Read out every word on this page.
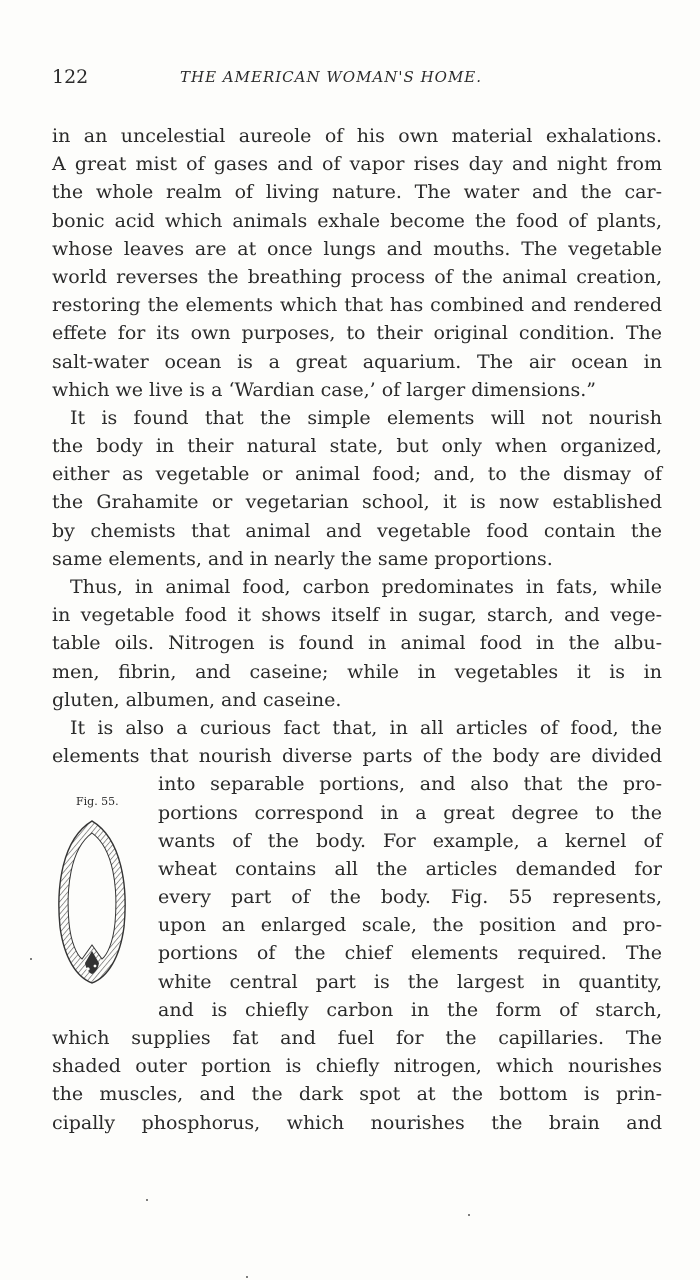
122	THE AMERICAN WOMAN'S HOME.
in an uncelestial aureole of his own material exhalations.
A great mist of gases and of vapor rises day and night from
the whole realm of living nature. The water and the car-
bonic acid which animals exhale become the food of plants,
whose leaves are at once lungs and mouths. The vegetable
world reverses the breathing process of the animal creation,
restoring the elements which that has combined and rendered
effete for its own purposes, to their original condition. The
salt-water ocean is a great aquarium. The air ocean in
which we live is a ‘Wardian case,’ of larger dimensions.”
It is found that the simple elements will not nourish
the body in their natural state, but only when organized,
either as vegetable or animal food; and, to the dismay of
the Grahamite or vegetarian school, it is now established
by chemists that animal and vegetable food contain the
same elements, and in nearly the same proportions.
Thus, in animal food, carbon predominates in fats, while
in vegetable food it shows itself in sugar, starch, and vege-
table oils. Nitrogen is found in animal food in the albu-
men, fibrin, and caseine; while in vegetables it is in
gluten, albumen, and caseine.
It is also a curious fact that, in all articles of food, the
elements that nourish diverse parts of the body are divided
into separable portions, and also that the pro-
portions correspond in a great degree to the
wants of the body. For example, a kernel of
wheat contains all the articles demanded for
every part of the body. Fig. 55 represents,
upon an enlarged scale, the position and pro-
portions of the chief elements required. The
white central part is the largest in quantity,
and is chiefly carbon in the form of starch,
which supplies fat and fuel for the capillaries. The
shaded outer portion is chiefly nitrogen, which nourishes
the muscles, and the dark spot at the bottom is prin-
cipally phosphorus, which nourishes the brain and
Fig. 55.
